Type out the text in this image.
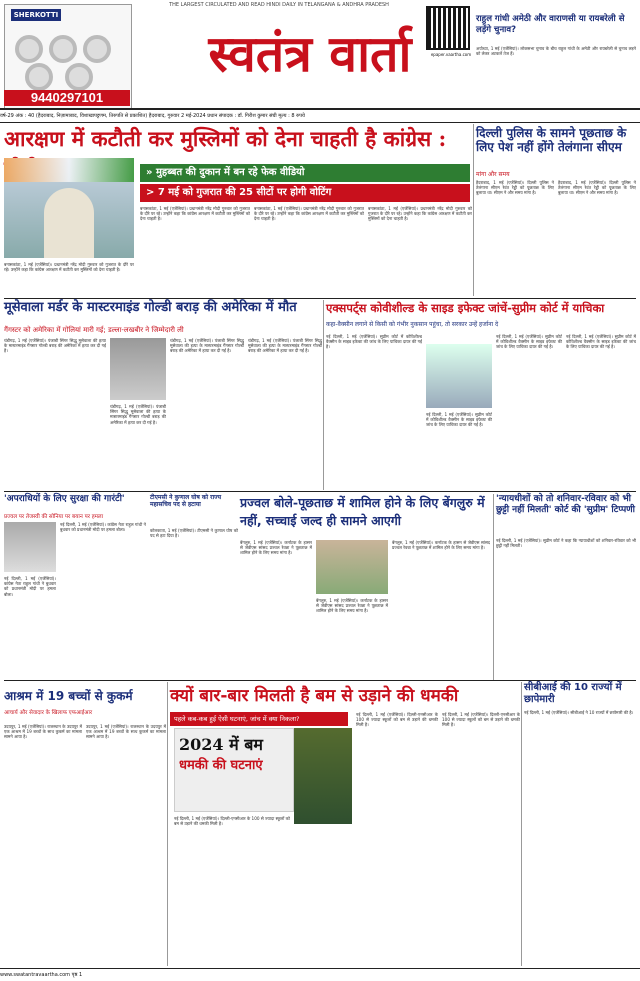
SHERKOTTI
9440297101
THE LARGEST CIRCULATED AND READ HINDI DAILY IN TELANGANA & ANDHRA PRADESH
स्वतंत्र वार्ता	epaper.vaartha.com
राहुल गांधी अमेठी और वाराणसी या रायबरेली से लड़ेंगे चुनाव?
अयोध्या, 1 मई (एजेंसियां)। लोकसभा चुनाव के बीच राहुल गांधी के अमेठी और रायबरेली से चुनाव लड़ने को लेकर अटकलें तेज हैं।
वर्ष-29 अंक : 40 (हैदराबाद, निज़ामाबाद, विशाखापट्टणम, तिरुपति से प्रकाशित) हैदराबाद, गुरुवार 2 मई-2024 प्रधान संपादक : डॉ. गिरीश कुमार संघी मूल्य : 8 रुपये
आरक्षण में कटौती कर मुस्लिमों को देना चाहती है कांग्रेस :
» मुहब्बत की दुकान में बन रहे फेक वीडियो
> 7 मई को गुजरात की 25 सीटों पर होगी वोटिंग
बनासकांठा, 1 मई (एजेंसियां)। प्रधानमंत्री नरेंद्र मोदी गुरुवार को गुजरात के दौरे पर रहे। उन्होंने कहा कि कांग्रेस आरक्षण में कटौती कर मुस्लिमों को देना चाहती है।
बनासकांठा, 1 मई (एजेंसियां)। प्रधानमंत्री नरेंद्र मोदी गुरुवार को गुजरात के दौरे पर रहे। उन्होंने कहा कि कांग्रेस आरक्षण में कटौती कर मुस्लिमों को देना चाहती है।
बनासकांठा, 1 मई (एजेंसियां)। प्रधानमंत्री नरेंद्र मोदी गुरुवार को गुजरात के दौरे पर रहे। उन्होंने कहा कि कांग्रेस आरक्षण में कटौती कर मुस्लिमों को देना चाहती है।
बनासकांठा, 1 मई (एजेंसियां)। प्रधानमंत्री नरेंद्र मोदी गुरुवार को गुजरात के दौरे पर रहे। उन्होंने कहा कि कांग्रेस आरक्षण में कटौती कर मुस्लिमों को देना चाहती है।
दिल्ली पुलिस के सामने पूछताछ के लिए पेश नहीं होंगे तेलंगाना सीएम
मांगा और समय
हैदराबाद, 1 मई (एजेंसियां)। दिल्ली पुलिस ने तेलंगाना सीएम रेवंत रेड्डी को पूछताछ के लिए बुलाया था। सीएम ने और समय मांगा है।
हैदराबाद, 1 मई (एजेंसियां)। दिल्ली पुलिस ने तेलंगाना सीएम रेवंत रेड्डी को पूछताछ के लिए बुलाया था। सीएम ने और समय मांगा है।
मूसेवाला मर्डर के मास्टरमाइंड गोल्डी बराड़ की अमेरिका में मौत
गैंगस्टर को अमेरिका में गोलियां मारी गई; डल्ला-लखबीर ने जिम्मेदारी ली
चंडीगढ़, 1 मई (एजेंसियां)। पंजाबी सिंगर सिद्धू मूसेवाला की हत्या के मास्टरमाइंड गैंगस्टर गोल्डी बराड़ की अमेरिका में हत्या कर दी गई है।
चंडीगढ़, 1 मई (एजेंसियां)। पंजाबी सिंगर सिद्धू मूसेवाला की हत्या के मास्टरमाइंड गैंगस्टर गोल्डी बराड़ की अमेरिका में हत्या कर दी गई है।
चंडीगढ़, 1 मई (एजेंसियां)। पंजाबी सिंगर सिद्धू मूसेवाला की हत्या के मास्टरमाइंड गैंगस्टर गोल्डी बराड़ की अमेरिका में हत्या कर दी गई है।
चंडीगढ़, 1 मई (एजेंसियां)। पंजाबी सिंगर सिद्धू मूसेवाला की हत्या के मास्टरमाइंड गैंगस्टर गोल्डी बराड़ की अमेरिका में हत्या कर दी गई है।
एक्सपर्ट्स कोवीशील्ड के साइड इफेक्ट जांचें-सुप्रीम कोर्ट में याचिका
कहा-वैक्सीन लगाने से किसी को गंभीर नुकसान पहुंचा, तो सरकार उन्हें हर्जाना दे
नई दिल्ली, 1 मई (एजेंसियां)। सुप्रीम कोर्ट में कोविशील्ड वैक्सीन के साइड इफेक्ट की जांच के लिए याचिका दायर की गई है।
नई दिल्ली, 1 मई (एजेंसियां)। सुप्रीम कोर्ट में कोविशील्ड वैक्सीन के साइड इफेक्ट की जांच के लिए याचिका दायर की गई है।
नई दिल्ली, 1 मई (एजेंसियां)। सुप्रीम कोर्ट में कोविशील्ड वैक्सीन के साइड इफेक्ट की जांच के लिए याचिका दायर की गई है।
नई दिल्ली, 1 मई (एजेंसियां)। सुप्रीम कोर्ट में कोविशील्ड वैक्सीन के साइड इफेक्ट की जांच के लिए याचिका दायर की गई है।
'अपराधियों के लिए सुरक्षा की गारंटी'
प्रज्वल पर तेजस्वी की सोनिया पर बयान पर हमला
नई दिल्ली, 1 मई (एजेंसियां)। कांग्रेस नेता राहुल गांधी ने बुधवार को प्रधानमंत्री मोदी पर हमला बोला।
नई दिल्ली, 1 मई (एजेंसियां)। कांग्रेस नेता राहुल गांधी ने बुधवार को प्रधानमंत्री मोदी पर हमला बोला।
टीएमसी ने कुणाल घोष को राज्य महासचिव पद से हटाया
कोलकाता, 1 मई (एजेंसियां)। टीएमसी ने कुणाल घोष को पद से हटा दिया है।
प्रज्वल बोले-पूछताछ में शामिल होने के लिए बेंगलुरु में नहीं, सच्चाई जल्द ही सामने आएगी
बेंगलुरु, 1 मई (एजेंसियां)। कर्नाटक के हासन से जेडीएस सांसद प्रज्वल रेवन्ना ने पूछताछ में शामिल होने के लिए समय मांगा है।
बेंगलुरु, 1 मई (एजेंसियां)। कर्नाटक के हासन से जेडीएस सांसद प्रज्वल रेवन्ना ने पूछताछ में शामिल होने के लिए समय मांगा है।
बेंगलुरु, 1 मई (एजेंसियां)। कर्नाटक के हासन से जेडीएस सांसद प्रज्वल रेवन्ना ने पूछताछ में शामिल होने के लिए समय मांगा है।
'न्यायधीशों को तो शनिवार-रविवार को भी छुट्टी नहीं मिलती' कोर्ट की 'सुप्रीम' टिप्पणी
नई दिल्ली, 1 मई (एजेंसियां)। सुप्रीम कोर्ट ने कहा कि न्यायाधीशों को शनिवार-रविवार को भी छुट्टी नहीं मिलती।
आश्रम में 19 बच्चों से कुकर्म
आचार्य और सेवादार के खिलाफ एफआईआर
उदयपुर, 1 मई (एजेंसियां)। राजस्थान के उदयपुर में एक आश्रम में 19 बच्चों के साथ कुकर्म का मामला सामने आया है।
उदयपुर, 1 मई (एजेंसियां)। राजस्थान के उदयपुर में एक आश्रम में 19 बच्चों के साथ कुकर्म का मामला सामने आया है।
क्यों बार-बार मिलती है बम से उड़ाने की धमकी
पहले कब-कब हुई ऐसी घटनाएं, जांच में क्या निकला?
2024 में बम
धमकी की घटनाएं
नई दिल्ली, 1 मई (एजेंसियां)। दिल्ली-एनसीआर के 100 से ज्यादा स्कूलों को बम से उड़ाने की धमकी मिली है।
नई दिल्ली, 1 मई (एजेंसियां)। दिल्ली-एनसीआर के 100 से ज्यादा स्कूलों को बम से उड़ाने की धमकी मिली है।
नई दिल्ली, 1 मई (एजेंसियां)। दिल्ली-एनसीआर के 100 से ज्यादा स्कूलों को बम से उड़ाने की धमकी मिली है।
सीबीआई की 10 राज्यों में छापेमारी
नई दिल्ली, 1 मई (एजेंसियां)। सीबीआई ने 10 राज्यों में छापेमारी की है।
www.swatantravaartha.com पृष्ठ 1
